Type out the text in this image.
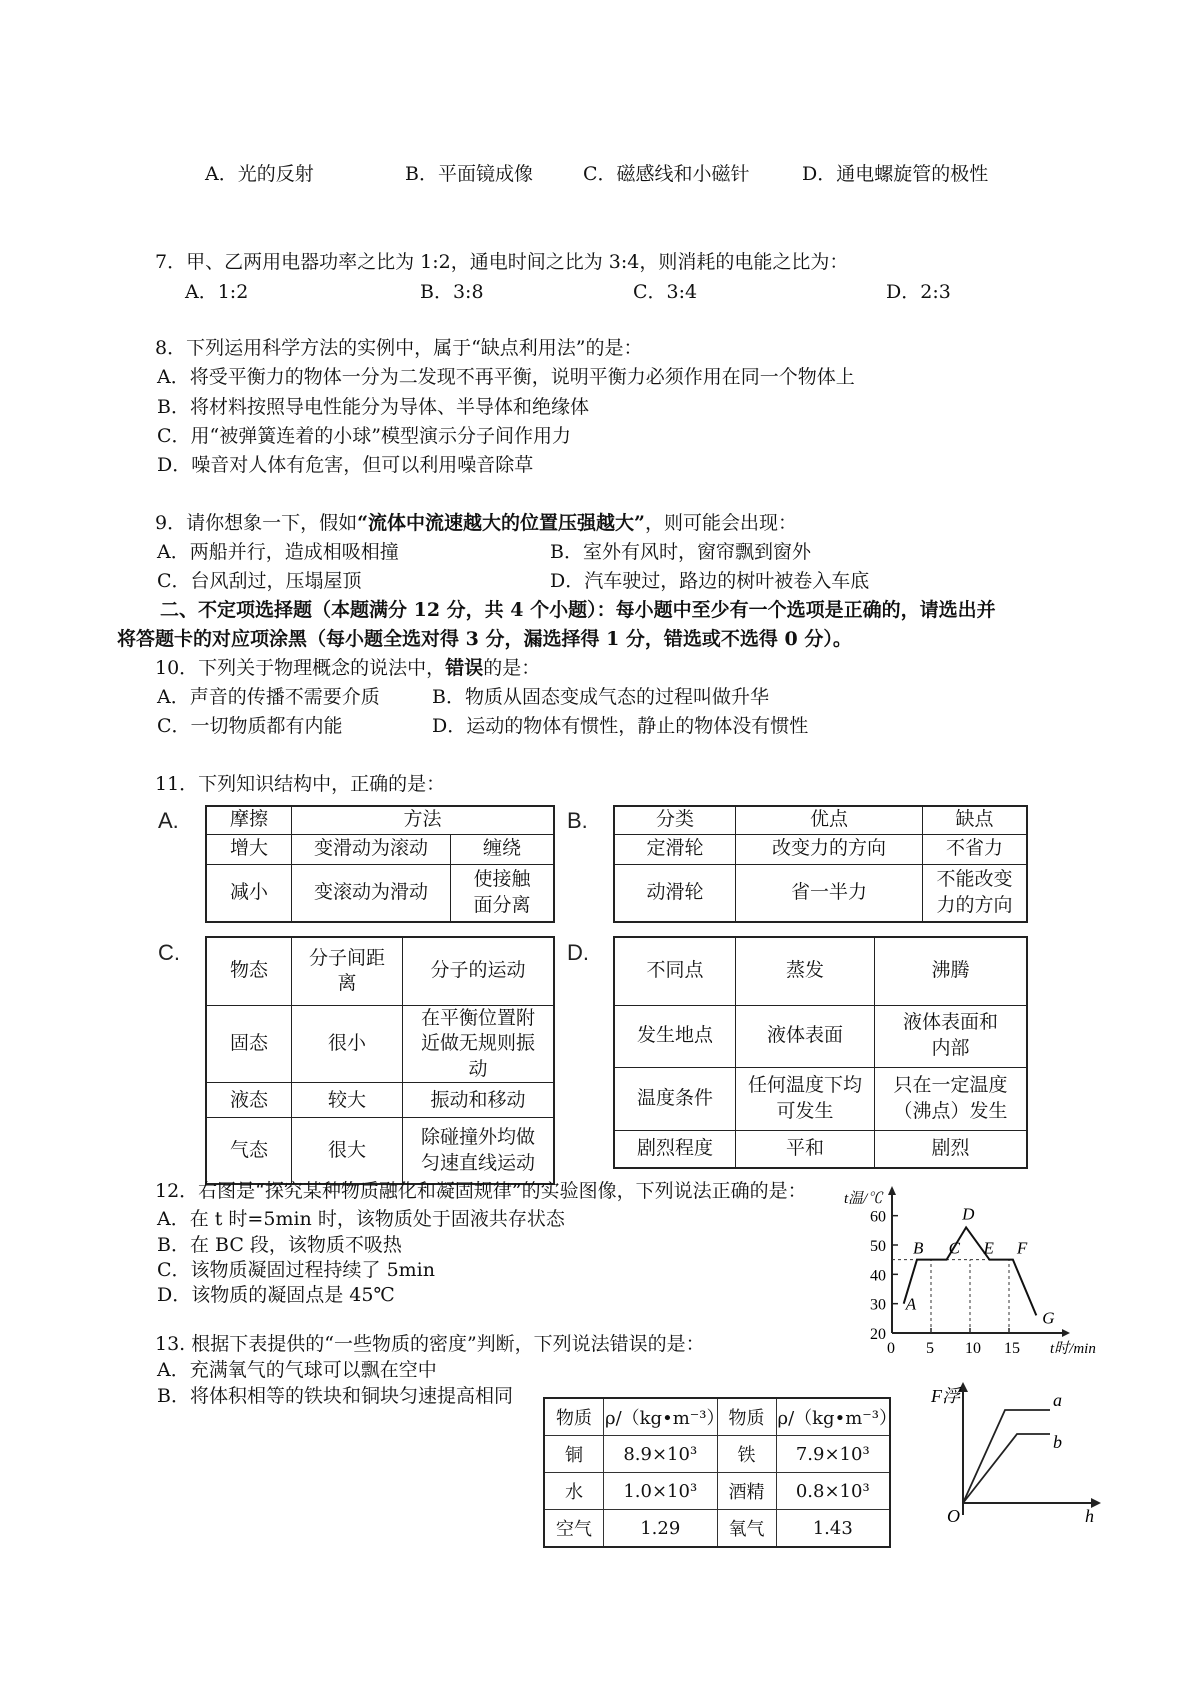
A．光的反射	B．平面镜成像	C．磁感线和小磁针	D．通电螺旋管的极性
7．甲、乙两用电器功率之比为 1:2，通电时间之比为 3:4，则消耗的电能之比为：
A．1:2	B．3:8	C．3:4	D．2:3
8．下列运用科学方法的实例中，属于“缺点利用法”的是：
A．将受平衡力的物体一分为二发现不再平衡，说明平衡力必须作用在同一个物体上
B．将材料按照导电性能分为导体、半导体和绝缘体
C．用“被弹簧连着的小球”模型演示分子间作用力
D．噪音对人体有危害，但可以利用噪音除草
9．请你想象一下，假如“流体中流速越大的位置压强越大”，则可能会出现：
A．两船并行，造成相吸相撞	B．室外有风时，窗帘飘到窗外
C．台风刮过，压塌屋顶	D．汽车驶过，路边的树叶被卷入车底
二、不定项选择题（本题满分 12 分，共 4 个小题）：每小题中至少有一个选项是正确的，请选出并
将答题卡的对应项涂黑（每小题全选对得 3 分，漏选择得 1 分，错选或不选得 0 分）。
10．下列关于物理概念的说法中，错误的是：
A．声音的传播不需要介质	B．物质从固态变成气态的过程叫做升华
C．一切物质都有内能	D．运动的物体有惯性，静止的物体没有惯性
11．下列知识结构中，正确的是：
A.	摩擦	方法	
增大	变滑动为滚动	缠绕
减小	变滚动为滑动	使接触面分离
B.	分类	优点	缺点
定滑轮	改变力的方向	不省力
动滑轮	省一半力	不能改变力的方向
C.
物态	分子间距离	分子的运动
固态	很小	在平衡位置附近做无规则振动
液态	较大	振动和移动
气态	很大	除碰撞外均做匀速直线运动
D.
不同点	蒸发	沸腾
发生地点	液体表面	液体表面和内部
温度条件	任何温度下均可发生	只在一定温度（沸点）发生
剧烈程度	平和	剧烈
12．右图是“探究某种物质融化和凝固规律”的实验图像，下列说法正确的是：
A．在 t 时=5min 时，该物质处于固液共存状态
B．在 BC 段，该物质不吸热
C．该物质凝固过程持续了 5min
D．该物质的凝固点是 45℃
20
30
40
50
60
0 5 10 15
A
B C
D
E F
G
t温/℃
t时/min
13. 根据下表提供的“一些物质的密度”判断，下列说法错误的是：
A．充满氧气的气球可以飘在空中
B．将体积相等的铁块和铜块匀速提高相同
物质	ρ/（kg•m⁻³）	物质	ρ/（kg•m⁻³）
铜	8.9×10³	铁	7.9×10³
水	1.0×10³	酒精	0.8×10³
空气	1.29	氧气	1.43
F浮
h
O
a
b
